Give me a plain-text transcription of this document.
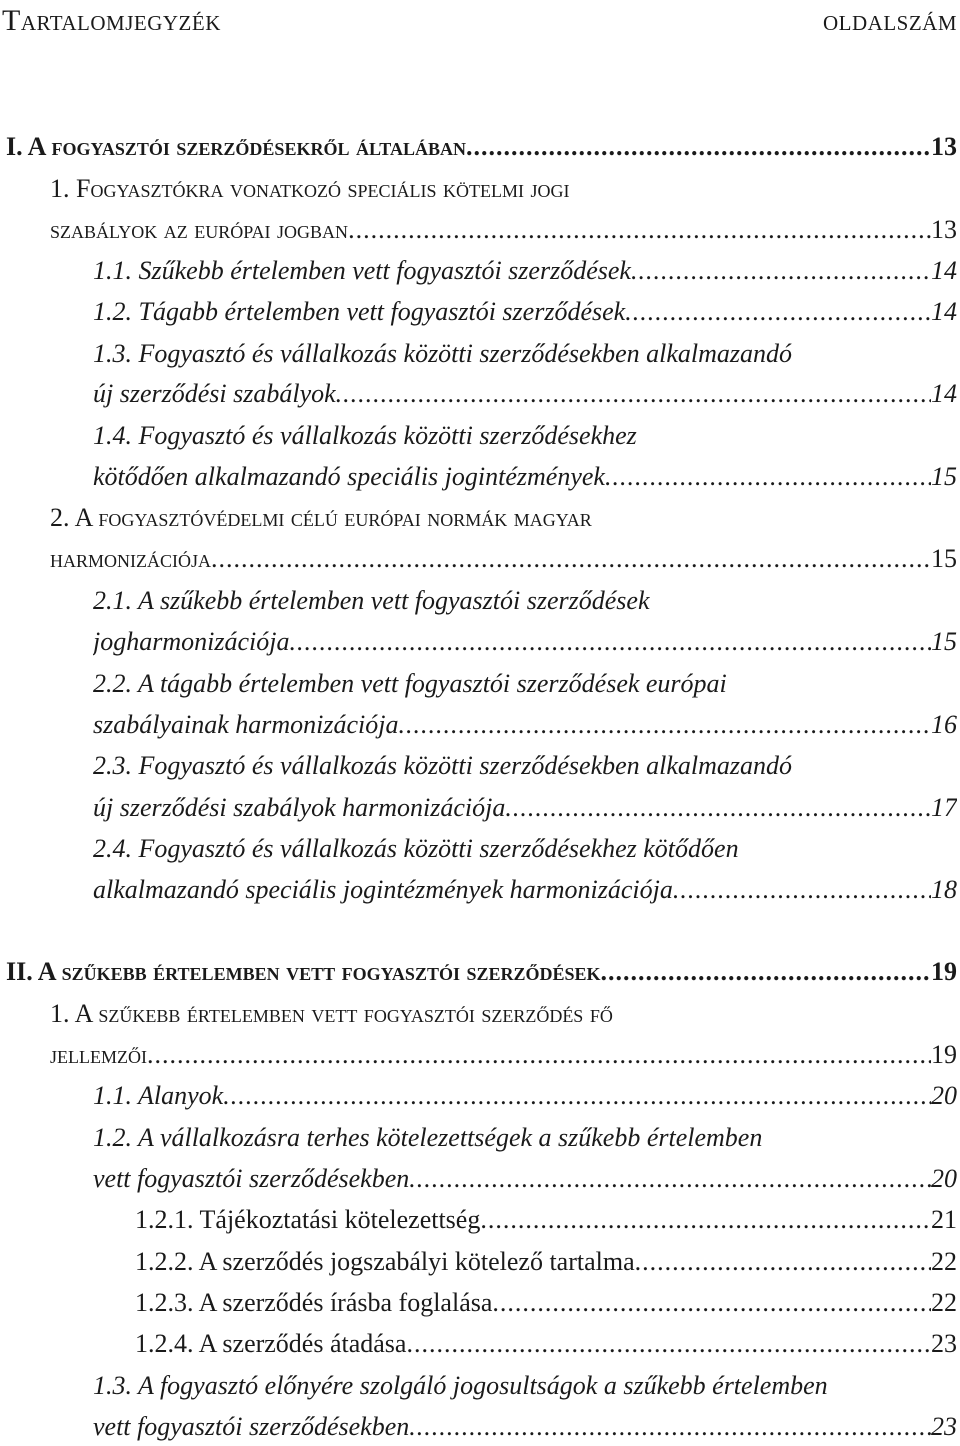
Tartalomjegyzék	oldalszám
I. A fogyasztói szerződésekről általában .....	13
1. Fogyasztókra vonatkozó speciális kötelmi jogi
szabályok az európai jogban .....	13
1.1. Szűkebb értelemben vett fogyasztói szerződések .....	14
1.2. Tágabb értelemben vett fogyasztói szerződések .....	14
1.3. Fogyasztó és vállalkozás közötti szerződésekben alkalmazandó
új szerződési szabályok .....	14
1.4. Fogyasztó és vállalkozás közötti szerződésekhez
kötődően alkalmazandó speciális jogintézmények .....	15
2. A fogyasztóvédelmi célú európai normák magyar
harmonizációja .....	15
2.1. A szűkebb értelemben vett fogyasztói szerződések
jogharmonizációja .....	15
2.2. A tágabb értelemben vett fogyasztói szerződések európai
szabályainak harmonizációja .....	16
2.3. Fogyasztó és vállalkozás közötti szerződésekben alkalmazandó
új szerződési szabályok harmonizációja .....	17
2.4. Fogyasztó és vállalkozás közötti szerződésekhez kötődően
alkalmazandó speciális jogintézmények harmonizációja .....	18
II. A szűkebb értelemben vett fogyasztói szerződések .....	19
1. A szűkebb értelemben vett fogyasztói szerződés fő
jellemzői .....	19
1.1. Alanyok .....	20
1.2. A vállalkozásra terhes kötelezettségek a szűkebb értelemben
vett fogyasztói szerződésekben .....	20
1.2.1. Tájékoztatási kötelezettség .....	21
1.2.2. A szerződés jogszabályi kötelező tartalma .....	22
1.2.3. A szerződés írásba foglalása .....	22
1.2.4. A szerződés átadása .....	23
1.3. A fogyasztó előnyére szolgáló jogosultságok a szűkebb értelemben
vett fogyasztói szerződésekben .....	23
